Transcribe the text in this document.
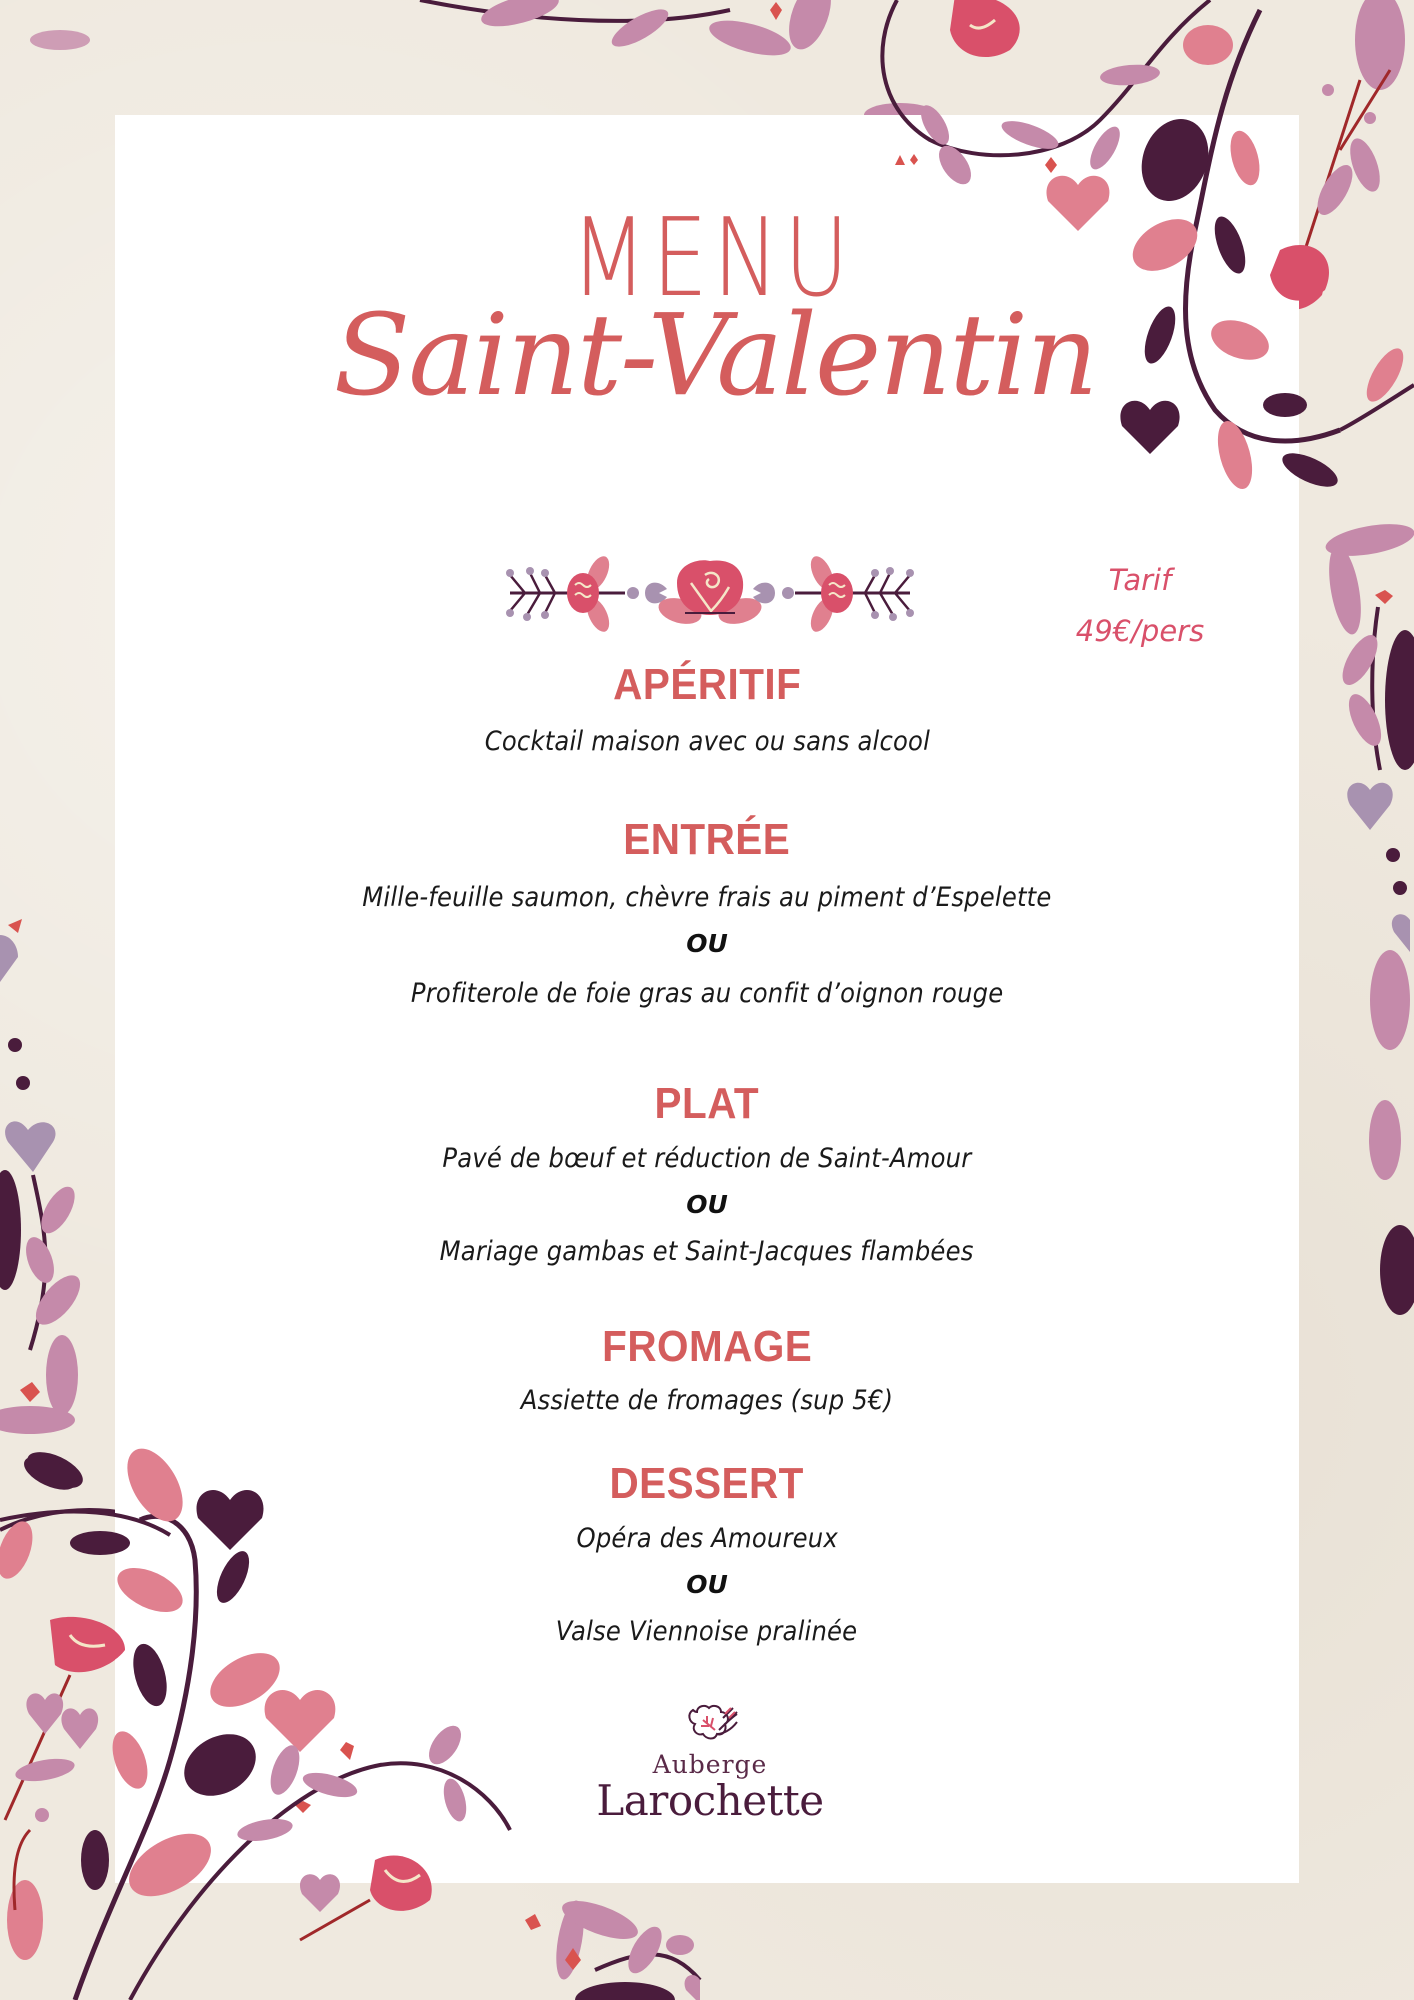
MENU
Saint-Valentin
Tarif
49€/pers
APÉRITIF
Cocktail maison avec ou sans alcool
ENTRÉE
Mille-feuille saumon, chèvre frais au piment d’Espelette
OU
Profiterole de foie gras au confit d’oignon rouge
PLAT
Pavé de bœuf et réduction de Saint-Amour
OU
Mariage gambas et Saint-Jacques flambées
FROMAGE
Assiette de fromages (sup 5€)
DESSERT
Opéra des Amoureux
OU
Valse Viennoise pralinée
Auberge
Larochette
